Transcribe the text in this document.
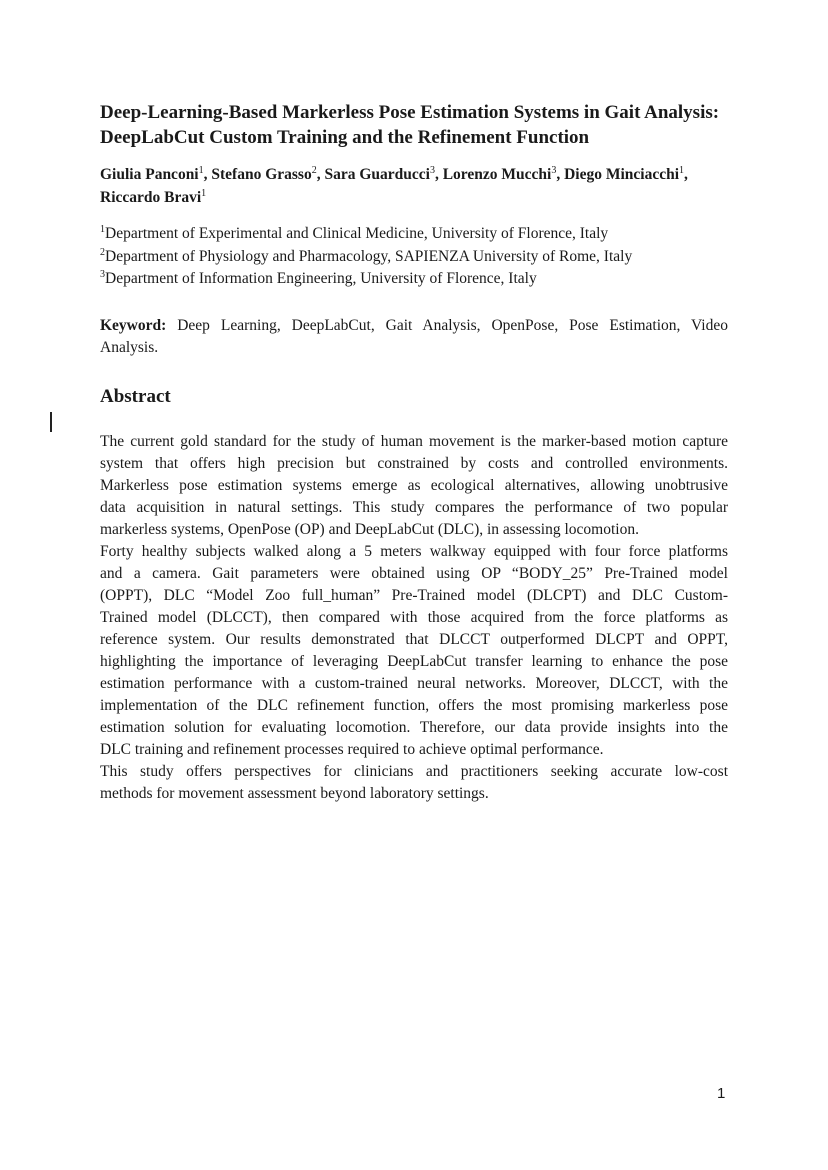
Deep-Learning-Based Markerless Pose Estimation Systems in Gait Analysis:
DeepLabCut Custom Training and the Refinement Function
Giulia Panconi$^1$, Stefano Grasso$^2$, Sara Guarducci$^3$, Lorenzo Mucchi$^3$, Diego Minciacchi$^1$,
Riccardo Bravi$^1$
$^1$Department of Experimental and Clinical Medicine, University of Florence, Italy
$^2$Department of Physiology and Pharmacology, SAPIENZA University of Rome, Italy
$^3$Department of Information Engineering, University of Florence, Italy
Keyword: Deep Learning, DeepLabCut, Gait Analysis, OpenPose, Pose Estimation, Video
Analysis.
Abstract
The current gold standard for the study of human movement is the marker-based motion capture
system that offers high precision but constrained by costs and controlled environments.
Markerless pose estimation systems emerge as ecological alternatives, allowing unobtrusive
data acquisition in natural settings. This study compares the performance of two popular
markerless systems, OpenPose (OP) and DeepLabCut (DLC), in assessing locomotion.
Forty healthy subjects walked along a 5 meters walkway equipped with four force platforms
and a camera. Gait parameters were obtained using OP “BODY_25” Pre-Trained model
(OPPT), DLC “Model Zoo full_human” Pre-Trained model (DLCPT) and DLC Custom-
Trained model (DLCCT), then compared with those acquired from the force platforms as
reference system. Our results demonstrated that DLCCT outperformed DLCPT and OPPT,
highlighting the importance of leveraging DeepLabCut transfer learning to enhance the pose
estimation performance with a custom-trained neural networks. Moreover, DLCCT, with the
implementation of the DLC refinement function, offers the most promising markerless pose
estimation solution for evaluating locomotion. Therefore, our data provide insights into the
DLC training and refinement processes required to achieve optimal performance.
This study offers perspectives for clinicians and practitioners seeking accurate low-cost
methods for movement assessment beyond laboratory settings.
1
